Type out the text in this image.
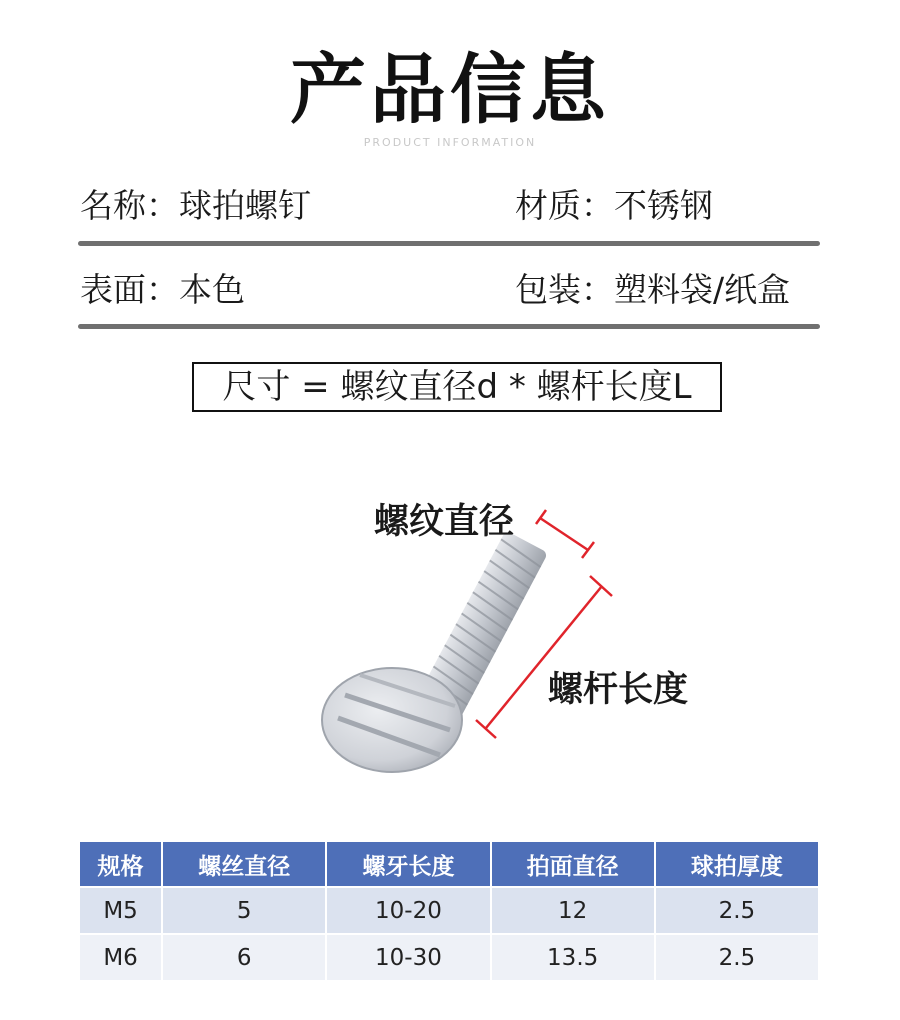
产品信息
PRODUCT INFORMATION
名称：球拍螺钉	材质：不锈钢
表面：本色	包装：塑料袋/纸盒
尺寸 = 螺纹直径d * 螺杆长度L
螺纹直径
螺杆长度
规格	螺丝直径	螺牙长度	拍面直径	球拍厚度
M5	5	10-20	12	2.5
M6	6	10-30	13.5	2.5
